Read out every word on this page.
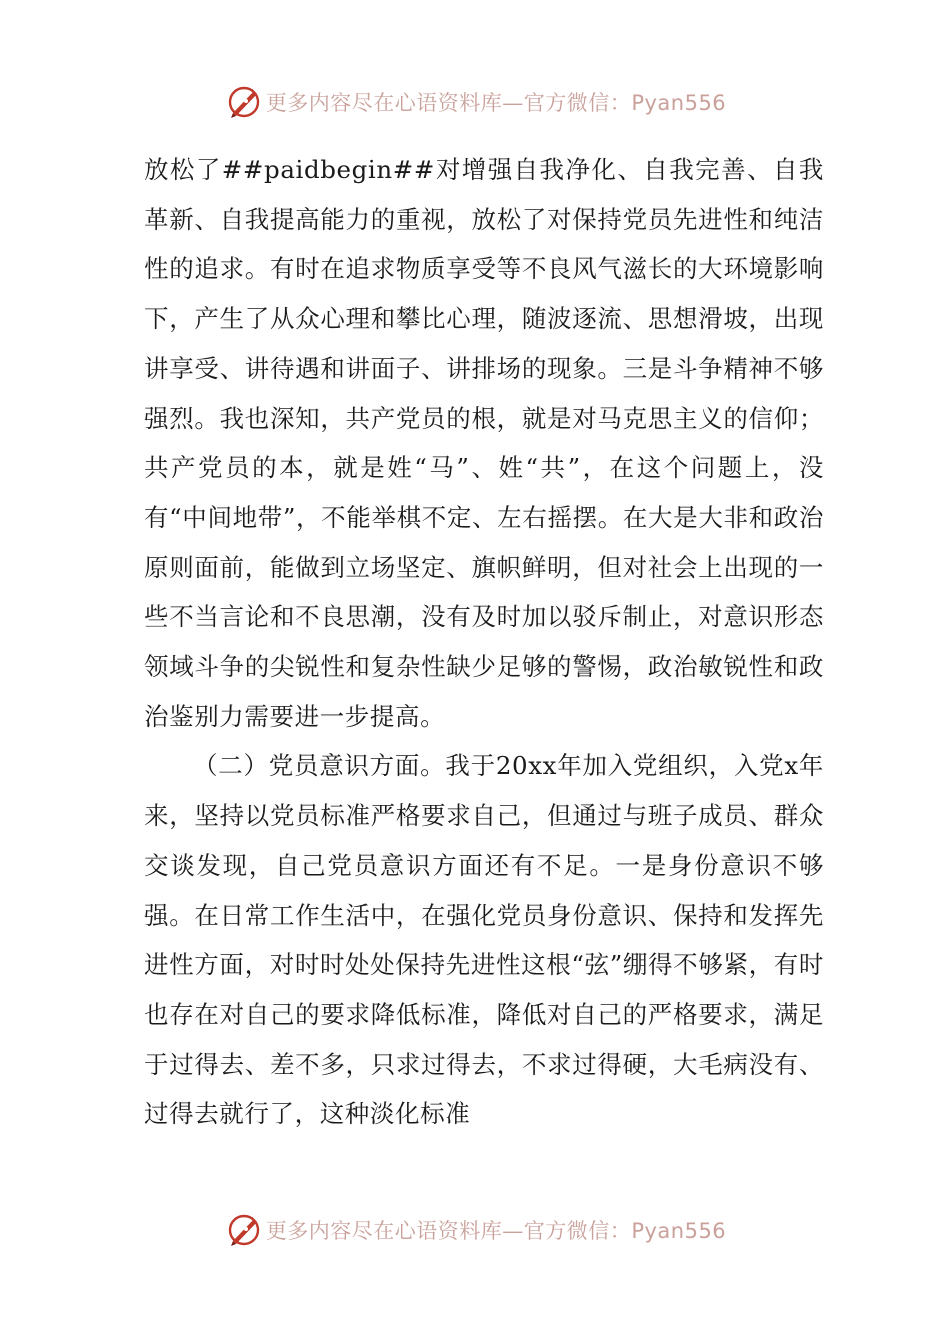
更多内容尽在心语资料库—官方微信：Pyan556

放松了##paidbegin##对增强自我净化、自我完善、自我革新、自我提高能力的重视，放松了对保持党员先进性和纯洁性的追求。有时在追求物质享受等不良风气滋长的大环境影响下，产生了从众心理和攀比心理，随波逐流、思想滑坡，出现讲享受、讲待遇和讲面子、讲排场的现象。三是斗争精神不够强烈。我也深知，共产党员的根，就是对马克思主义的信仰；共产党员的本，就是姓“马”、姓“共”，在这个问题上，没有“中间地带”，不能举棋不定、左右摇摆。在大是大非和政治原则面前，能做到立场坚定、旗帜鲜明，但对社会上出现的一些不当言论和不良思潮，没有及时加以驳斥制止，对意识形态领域斗争的尖锐性和复杂性缺少足够的警惕，政治敏锐性和政治鉴别力需要进一步提高。

（二）党员意识方面。我于20xx年加入党组织，入党x年来，坚持以党员标准严格要求自己，但通过与班子成员、群众交谈发现，自己党员意识方面还有不足。一是身份意识不够强。在日常工作生活中，在强化党员身份意识、保持和发挥先进性方面，对时时处处保持先进性这根“弦”绷得不够紧，有时也存在对自己的要求降低标准，降低对自己的严格要求，满足于过得去、差不多，只求过得去，不求过得硬，大毛病没有、过得去就行了，这种淡化标准

更多内容尽在心语资料库—官方微信：Pyan556
